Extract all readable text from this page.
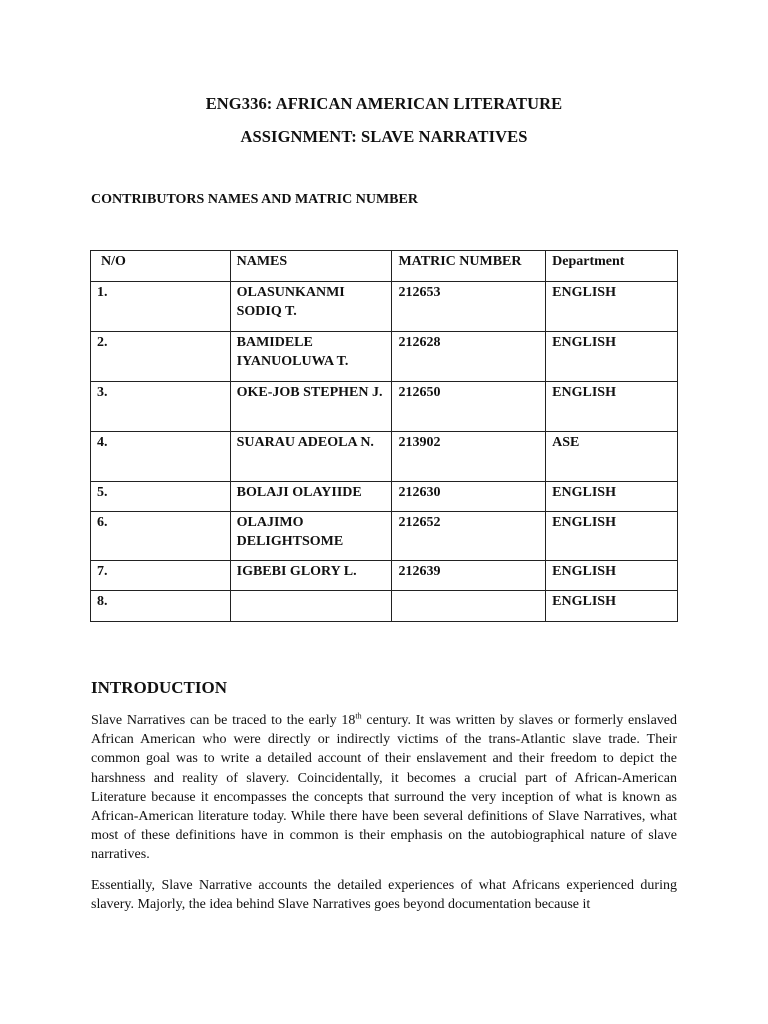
ENG336: AFRICAN AMERICAN LITERATURE
ASSIGNMENT: SLAVE NARRATIVES
CONTRIBUTORS NAMES AND MATRIC NUMBER
N/O	NAMES	MATRIC NUMBER	Department
1.	OLASUNKANMI SODIQ T.	212653	ENGLISH
2.	BAMIDELE IYANUOLUWA T.	212628	ENGLISH
3.	OKE-JOB STEPHEN J.	212650	ENGLISH
4.	SUARAU ADEOLA N.	213902	ASE
5.	BOLAJI OLAYIIDE	212630	ENGLISH
6.	OLAJIMO DELIGHTSOME	212652	ENGLISH
7.	IGBEBI GLORY L.	212639	ENGLISH
8.			ENGLISH
INTRODUCTION

Slave Narratives can be traced to the early 18th century. It was written by slaves or formerly enslaved African American who were directly or indirectly victims of the trans-Atlantic slave trade. Their common goal was to write a detailed account of their enslavement and their freedom to depict the harshness and reality of slavery. Coincidentally, it becomes a crucial part of African-American Literature because it encompasses the concepts that surround the very inception of what is known as African-American literature today. While there have been several definitions of Slave Narratives, what most of these definitions have in common is their emphasis on the autobiographical nature of slave narratives.

Essentially, Slave Narrative accounts the detailed experiences of what Africans experienced during slavery. Majorly, the idea behind Slave Narratives goes beyond documentation because it
